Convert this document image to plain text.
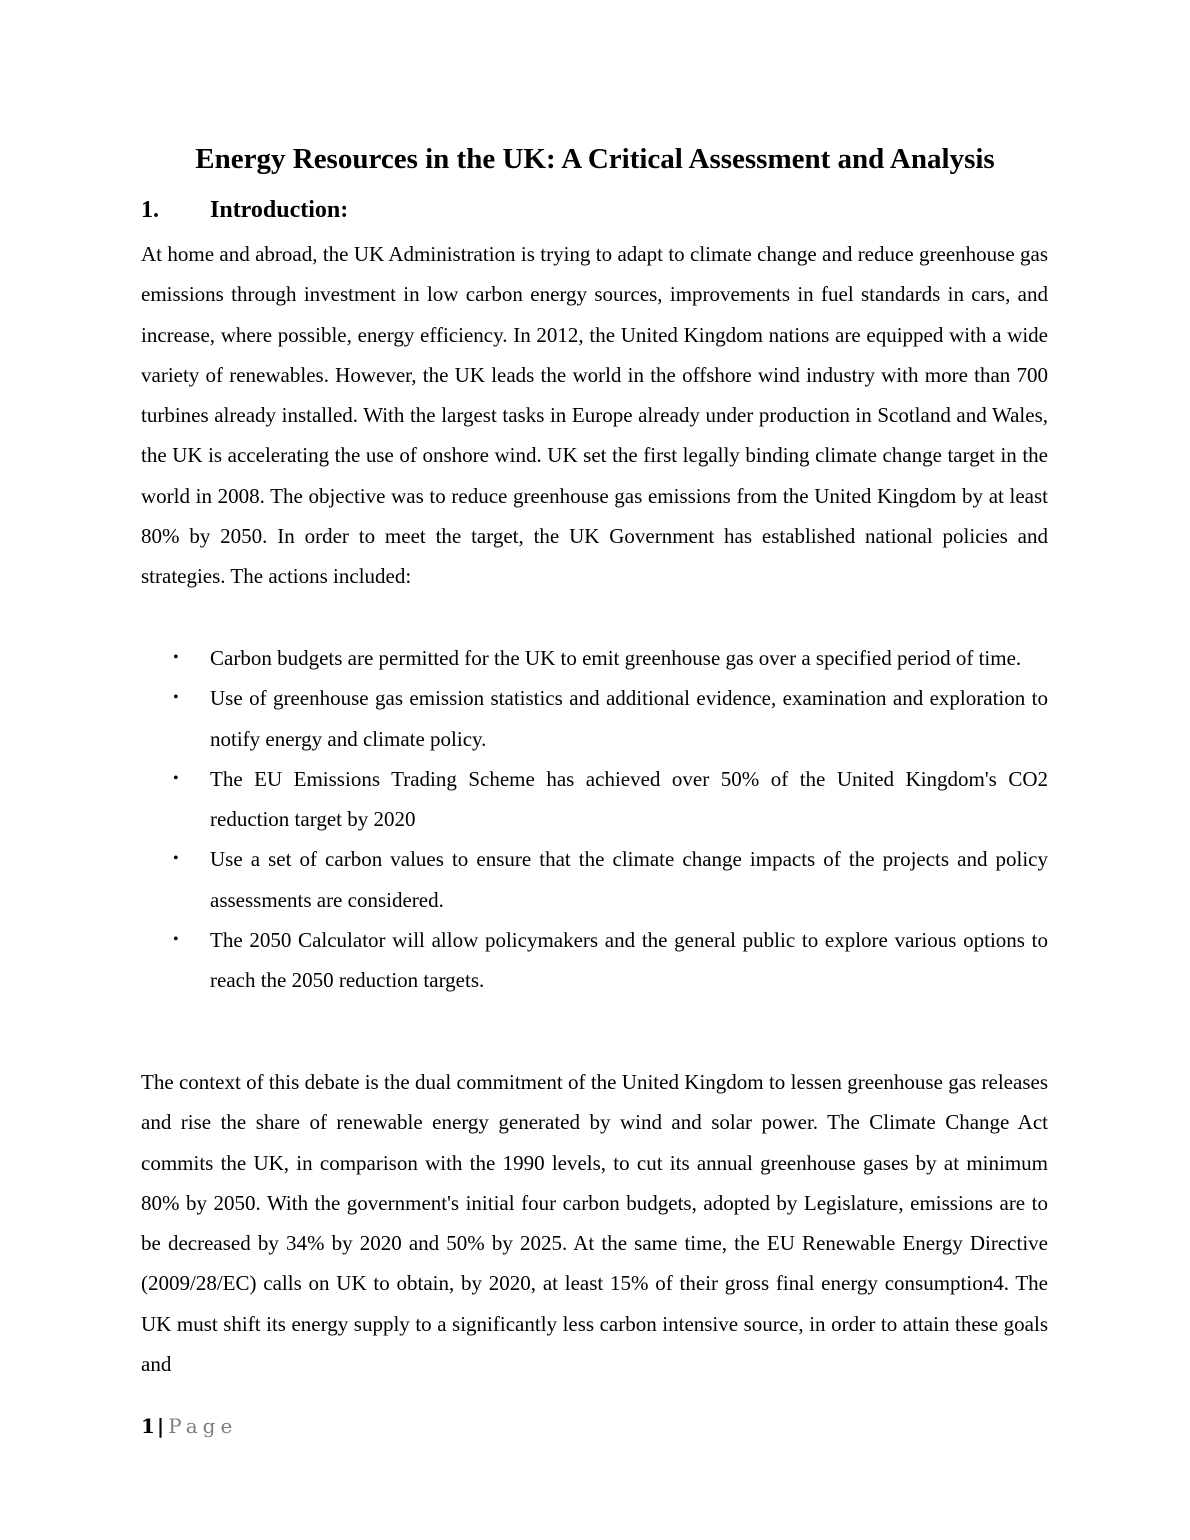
Energy Resources in the UK: A Critical Assessment and Analysis
1.	Introduction:

At home and abroad, the UK Administration is trying to adapt to climate change and reduce greenhouse gas emissions through investment in low carbon energy sources, improvements in fuel standards in cars, and increase, where possible, energy efficiency. In 2012, the United Kingdom nations are equipped with a wide variety of renewables. However, the UK leads the world in the offshore wind industry with more than 700 turbines already installed. With the largest tasks in Europe already under production in Scotland and Wales, the UK is accelerating the use of onshore wind. UK set the first legally binding climate change target in the world in 2008. The objective was to reduce greenhouse gas emissions from the United Kingdom by at least 80% by 2050. In order to meet the target, the UK Government has established national policies and strategies. The actions included:

• Carbon budgets are permitted for the UK to emit greenhouse gas over a specified period of time.
• Use of greenhouse gas emission statistics and additional evidence, examination and exploration to notify energy and climate policy.
• The EU Emissions Trading Scheme has achieved over 50% of the United Kingdom's CO2 reduction target by 2020
• Use a set of carbon values to ensure that the climate change impacts of the projects and policy assessments are considered.
• The 2050 Calculator will allow policymakers and the general public to explore various options to reach the 2050 reduction targets.

The context of this debate is the dual commitment of the United Kingdom to lessen greenhouse gas releases and rise the share of renewable energy generated by wind and solar power. The Climate Change Act commits the UK, in comparison with the 1990 levels, to cut its annual greenhouse gases by at minimum 80% by 2050. With the government's initial four carbon budgets, adopted by Legislature, emissions are to be decreased by 34% by 2020 and 50% by 2025. At the same time, the EU Renewable Energy Directive (2009/28/EC) calls on UK to obtain, by 2020, at least 15% of their gross final energy consumption4. The UK must shift its energy supply to a significantly less carbon intensive source, in order to attain these goals and

1 | Page
